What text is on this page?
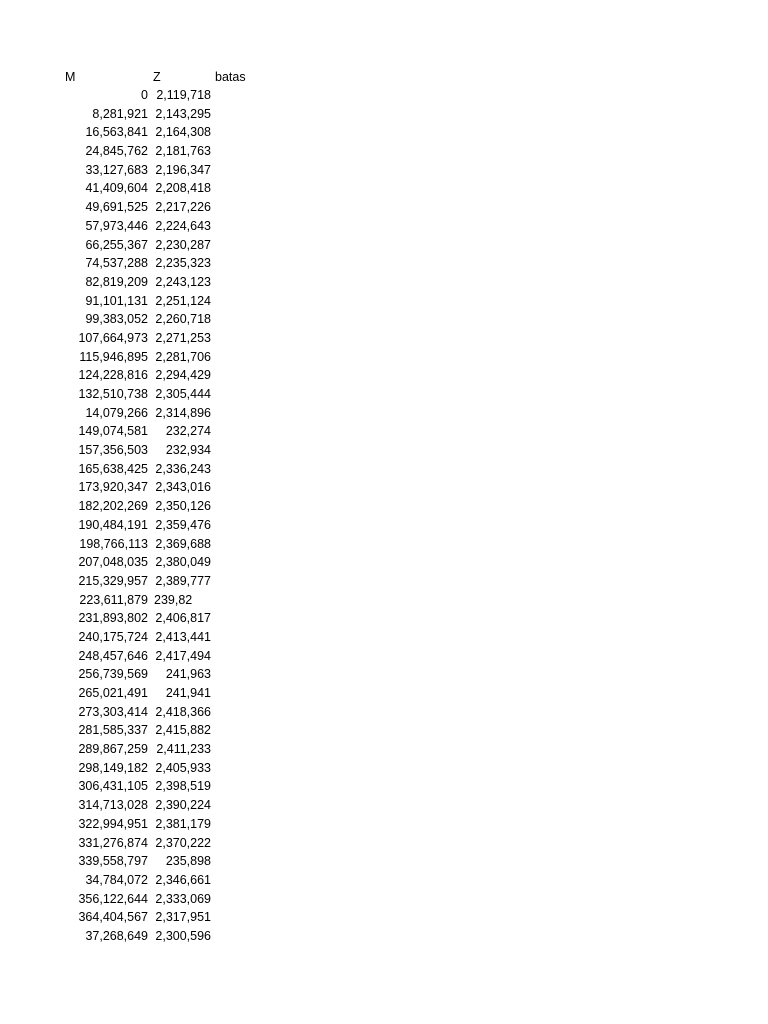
M	Z	batas
0 2,119,718
8,281,921 2,143,295
16,563,841 2,164,308
24,845,762 2,181,763
33,127,683 2,196,347
41,409,604 2,208,418
49,691,525 2,217,226
57,973,446 2,224,643
66,255,367 2,230,287
74,537,288 2,235,323
82,819,209 2,243,123
91,101,131 2,251,124
99,383,052 2,260,718
107,664,973 2,271,253
115,946,895 2,281,706
124,228,816 2,294,429
132,510,738 2,305,444
14,079,266 2,314,896
149,074,581 232,274
157,356,503 232,934
165,638,425 2,336,243
173,920,347 2,343,016
182,202,269 2,350,126
190,484,191 2,359,476
198,766,113 2,369,688
207,048,035 2,380,049
215,329,957 2,389,777
223,611,879 239,82
231,893,802 2,406,817
240,175,724 2,413,441
248,457,646 2,417,494
256,739,569 241,963
265,021,491 241,941
273,303,414 2,418,366
281,585,337 2,415,882
289,867,259 2,411,233
298,149,182 2,405,933
306,431,105 2,398,519
314,713,028 2,390,224
322,994,951 2,381,179
331,276,874 2,370,222
339,558,797 235,898
34,784,072 2,346,661
356,122,644 2,333,069
364,404,567 2,317,951
37,268,649 2,300,596
